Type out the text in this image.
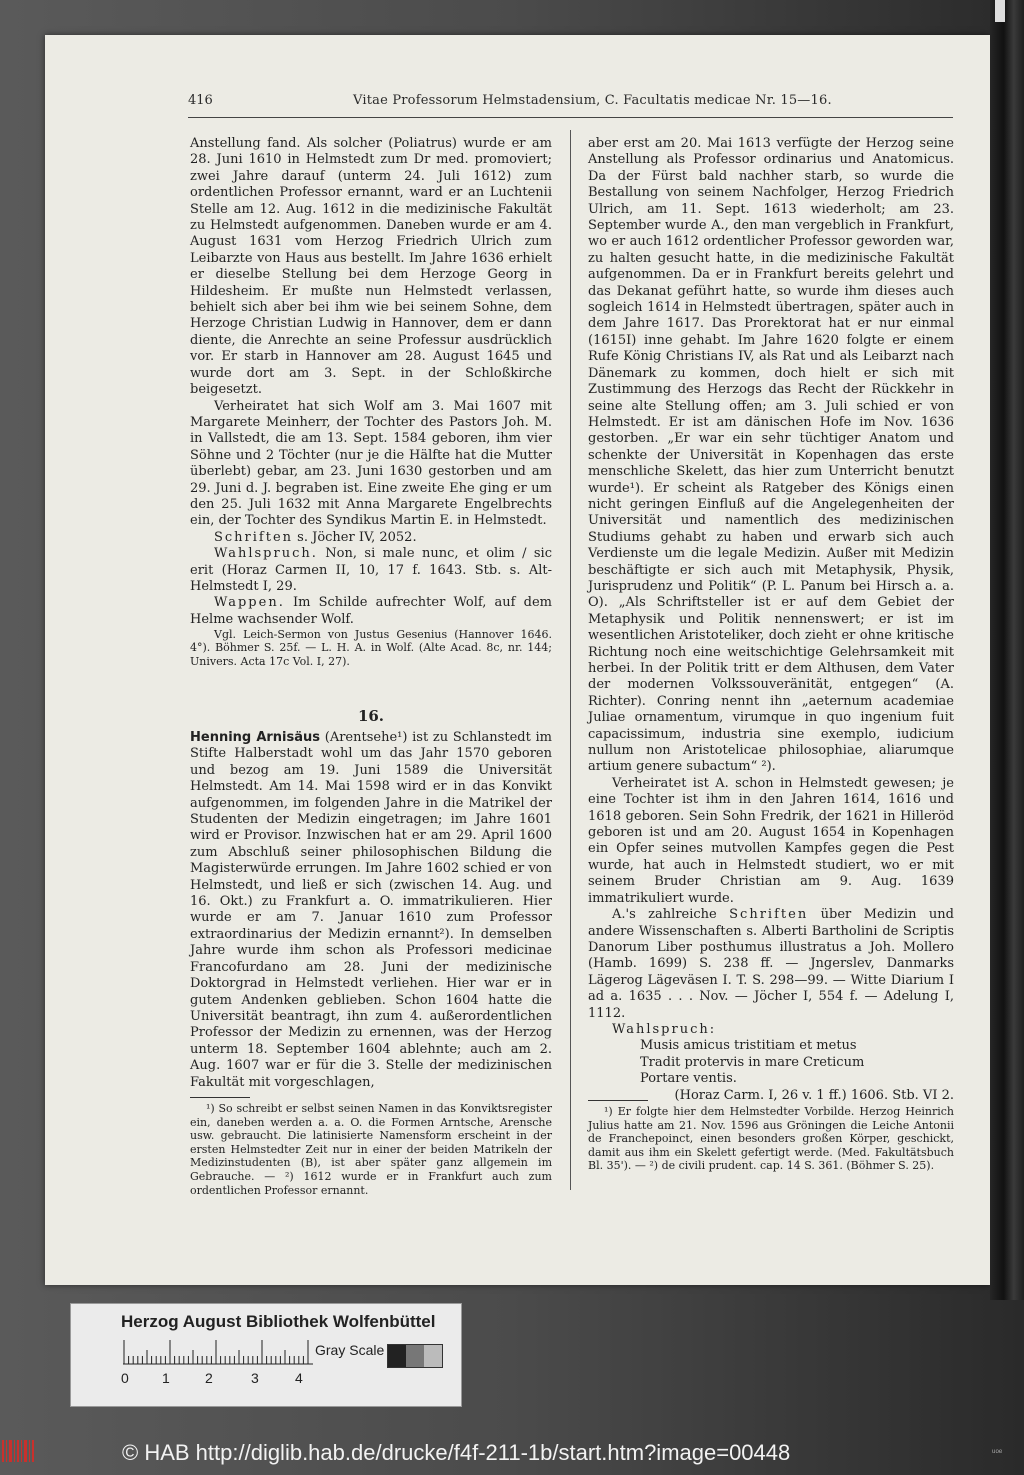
416	Vitae Professorum Helmstadensium, C. Facultatis medicae Nr. 15—16.

Anstellung fand. Als solcher (Poliatrus) wurde er am 28. Juni 1610 in Helmstedt zum Dr med. promoviert; zwei Jahre darauf (unterm 24. Juli 1612) zum ordentlichen Professor ernannt, ward er an Luchtenii Stelle am 12. Aug. 1612 in die medizinische Fakultät zu Helmstedt aufgenommen. Daneben wurde er am 4. August 1631 vom Herzog Friedrich Ulrich zum Leibarzte von Haus aus bestellt. Im Jahre 1636 erhielt er dieselbe Stellung bei dem Herzoge Georg in Hildesheim. Er mußte nun Helmstedt verlassen, behielt sich aber bei ihm wie bei seinem Sohne, dem Herzoge Christian Ludwig in Hannover, dem er dann diente, die Anrechte an seine Professur ausdrücklich vor. Er starb in Hannover am 28. August 1645 und wurde dort am 3. Sept. in der Schloßkirche beigesetzt.

Verheiratet hat sich Wolf am 3. Mai 1607 mit Margarete Meinherr, der Tochter des Pastors Joh. M. in Vallstedt, die am 13. Sept. 1584 geboren, ihm vier Söhne und 2 Töchter (nur je die Hälfte hat die Mutter überlebt) gebar, am 23. Juni 1630 gestorben und am 29. Juni d. J. begraben ist. Eine zweite Ehe ging er um den 25. Juli 1632 mit Anna Margarete Engelbrechts ein, der Tochter des Syndikus Martin E. in Helmstedt.

Schriften s. Jöcher IV, 2052.

Wahlspruch. Non, si male nunc, et olim / sic erit (Horaz Carmen II, 10, 17 f. 1643. Stb. s. Alt-Helmstedt I, 29.

Wappen. Im Schilde aufrechter Wolf, auf dem Helme wachsender Wolf.

Vgl. Leich-Sermon von Justus Gesenius (Hannover 1646. 4°). Böhmer S. 25f. — L. H. A. in Wolf. (Alte Acad. 8c, nr. 144; Univers. Acta 17c Vol. I, 27).

16.

Henning Arnisäus (Arentsehe¹) ist zu Schlanstedt im Stifte Halberstadt wohl um das Jahr 1570 geboren und bezog am 19. Juni 1589 die Universität Helmstedt. Am 14. Mai 1598 wird er in das Konvikt aufgenommen, im folgenden Jahre in die Matrikel der Studenten der Medizin eingetragen; im Jahre 1601 wird er Provisor. Inzwischen hat er am 29. April 1600 zum Abschluß seiner philosophischen Bildung die Magisterwürde errungen. Im Jahre 1602 schied er von Helmstedt, und ließ er sich (zwischen 14. Aug. und 16. Okt.) zu Frankfurt a. O. immatrikulieren. Hier wurde er am 7. Januar 1610 zum Professor extraordinarius der Medizin ernannt²). In demselben Jahre wurde ihm schon als Professori medicinae Francofurdano am 28. Juni der medizinische Doktorgrad in Helmstedt verliehen. Hier war er in gutem Andenken geblieben. Schon 1604 hatte die Universität beantragt, ihn zum 4. außerordentlichen Professor der Medizin zu ernennen, was der Herzog unterm 18. September 1604 ablehnte; auch am 2. Aug. 1607 war er für die 3. Stelle der medizinischen Fakultät mit vorgeschlagen,

¹) So schreibt er selbst seinen Namen in das Konviktsregister ein, daneben werden a. a. O. die Formen Arntsche, Arensche usw. gebraucht. Die latinisierte Namensform erscheint in der ersten Helmstedter Zeit nur in einer der beiden Matrikeln der Medizinstudenten (B), ist aber später ganz allgemein im Gebrauche. — ²) 1612 wurde er in Frankfurt auch zum ordentlichen Professor ernannt.

aber erst am 20. Mai 1613 verfügte der Herzog seine Anstellung als Professor ordinarius und Anatomicus. Da der Fürst bald nachher starb, so wurde die Bestallung von seinem Nachfolger, Herzog Friedrich Ulrich, am 11. Sept. 1613 wiederholt; am 23. September wurde A., den man vergeblich in Frankfurt, wo er auch 1612 ordentlicher Professor geworden war, zu halten gesucht hatte, in die medizinische Fakultät aufgenommen. Da er in Frankfurt bereits gelehrt und das Dekanat geführt hatte, so wurde ihm dieses auch sogleich 1614 in Helmstedt übertragen, später auch in dem Jahre 1617. Das Prorektorat hat er nur einmal (1615I) inne gehabt. Im Jahre 1620 folgte er einem Rufe König Christians IV, als Rat und als Leibarzt nach Dänemark zu kommen, doch hielt er sich mit Zustimmung des Herzogs das Recht der Rückkehr in seine alte Stellung offen; am 3. Juli schied er von Helmstedt. Er ist am dänischen Hofe im Nov. 1636 gestorben. „Er war ein sehr tüchtiger Anatom und schenkte der Universität in Kopenhagen das erste menschliche Skelett, das hier zum Unterricht benutzt wurde¹). Er scheint als Ratgeber des Königs einen nicht geringen Einfluß auf die Angelegenheiten der Universität und namentlich des medizinischen Studiums gehabt zu haben und erwarb sich auch Verdienste um die legale Medizin. Außer mit Medizin beschäftigte er sich auch mit Metaphysik, Physik, Jurisprudenz und Politik“ (P. L. Panum bei Hirsch a. a. O). „Als Schriftsteller ist er auf dem Gebiet der Metaphysik und Politik nennenswert; er ist im wesentlichen Aristoteliker, doch zieht er ohne kritische Richtung noch eine weitschichtige Gelehrsamkeit mit herbei. In der Politik tritt er dem Althusen, dem Vater der modernen Volkssouveränität, entgegen“ (A. Richter). Conring nennt ihn „aeternum academiae Juliae ornamentum, virumque in quo ingenium fuit capacissimum, industria sine exemplo, iudicium nullum non Aristotelicae philosophiae, aliarumque artium genere subactum“ ²).

Verheiratet ist A. schon in Helmstedt gewesen; je eine Tochter ist ihm in den Jahren 1614, 1616 und 1618 geboren. Sein Sohn Fredrik, der 1621 in Hilleröd geboren ist und am 20. August 1654 in Kopenhagen ein Opfer seines mutvollen Kampfes gegen die Pest wurde, hat auch in Helmstedt studiert, wo er mit seinem Bruder Christian am 9. Aug. 1639 immatrikuliert wurde.

A.'s zahlreiche Schriften über Medizin und andere Wissenschaften s. Alberti Bartholini de Scriptis Danorum Liber posthumus illustratus a Joh. Mollero (Hamb. 1699) S. 238 ff. — Jngerslev, Danmarks Lägerog Lägeväsen I. T. S. 298—99. — Witte Diarium I ad a. 1635 . . . Nov. — Jöcher I, 554 f. — Adelung I, 1112.

Wahlspruch:

Musis amicus tristitiam et metus

Tradit protervis in mare Creticum

Portare ventis.

(Horaz Carm. I, 26 v. 1 ff.) 1606. Stb. VI 2.

¹) Er folgte hier dem Helmstedter Vorbilde. Herzog Heinrich Julius hatte am 21. Nov. 1596 aus Gröningen die Leiche Antonii de Franchepoinct, einen besonders großen Körper, geschickt, damit aus ihm ein Skelett gefertigt werde. (Med. Fakultätsbuch Bl. 35'). — ²) de civili prudent. cap. 14 S. 361. (Böhmer S. 25).

Herzog August Bibliothek Wolfenbüttel
Gray Scale
0 1	2	3	4
© HAB http://diglib.hab.de/drucke/f4f-211-1b/start.htm?image=00448	ᵘᵒᵉ
